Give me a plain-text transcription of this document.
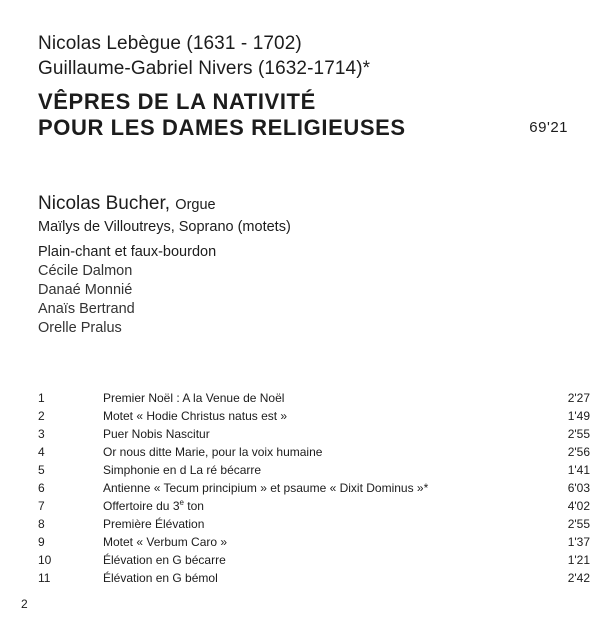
Nicolas Lebègue (1631 - 1702)
Guillaume-Gabriel Nivers (1632-1714)*
VÊPRES DE LA NATIVITÉ
POUR LES DAMES RELIGIEUSES	69'21
Nicolas Bucher, Orgue
Maïlys de Villoutreys, Soprano (motets)
Plain-chant et faux-bourdon
Cécile Dalmon
Danaé Monnié
Anaïs Bertrand
Orelle Pralus
1	Premier Noël : A la Venue de Noël	2'27
2	Motet « Hodie Christus natus est »	1'49
3	Puer Nobis Nascitur	2'55
4	Or nous ditte Marie, pour la voix humaine	2'56
5	Simphonie en d La ré bécarre	1'41
6	Antienne « Tecum principium » et psaume « Dixit Dominus »*	6'03
7	Offertoire du 3e ton	4'02
8	Première Élévation	2'55
9	Motet « Verbum Caro »	1'37
10	Élévation en G bécarre	1'21
11	Élévation en G bémol	2'42
2
